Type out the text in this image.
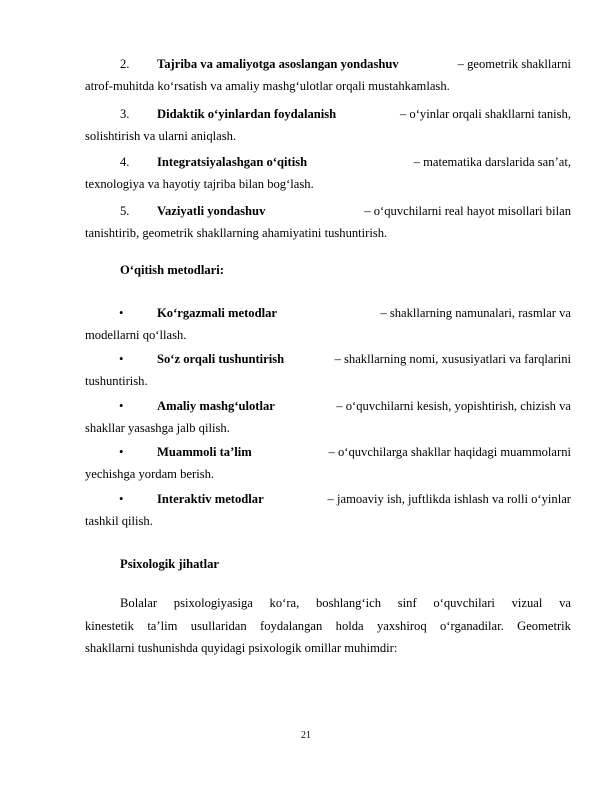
2. Tajriba va amaliyotga asoslangan yondashuv	– geometrik shakllarni
atrof-muhitda ko‘rsatish va amaliy mashg‘ulotlar orqali mustahkamlash.
3. Didaktik o‘yinlardan foydalanish	– o‘yinlar orqali shakllarni tanish,
solishtirish va ularni aniqlash.
4. Integratsiyalashgan o‘qitish	– matematika darslarida san’at,
texnologiya va hayotiy tajriba bilan bog‘lash.
5. Vaziyatli yondashuv	– o‘quvchilarni real hayot misollari bilan
tanishtirib, geometrik shakllarning ahamiyatini tushuntirish.
O‘qitish metodlari:
•	Ko‘rgazmali metodlar	– shakllarning namunalari, rasmlar va
modellarni qo‘llash.
•	So‘z orqali tushuntirish	– shakllarning nomi, xususiyatlari va farqlarini
tushuntirish.
•	Amaliy mashg‘ulotlar	– o‘quvchilarni kesish, yopishtirish, chizish va
shakllar yasashga jalb qilish.
•	Muammoli ta’lim	– o‘quvchilarga shakllar haqidagi muammolarni
yechishga yordam berish.
•	Interaktiv metodlar	– jamoaviy ish, juftlikda ishlash va rolli o‘yinlar
tashkil qilish.
Psixologik jihatlar
Bolalar psixologiyasiga ko‘ra, boshlang‘ich sinf o‘quvchilari vizual va
kinestetik ta’lim usullaridan foydalangan holda yaxshiroq o‘rganadilar. Geometrik
shakllarni tushunishda quyidagi psixologik omillar muhimdir:
21
